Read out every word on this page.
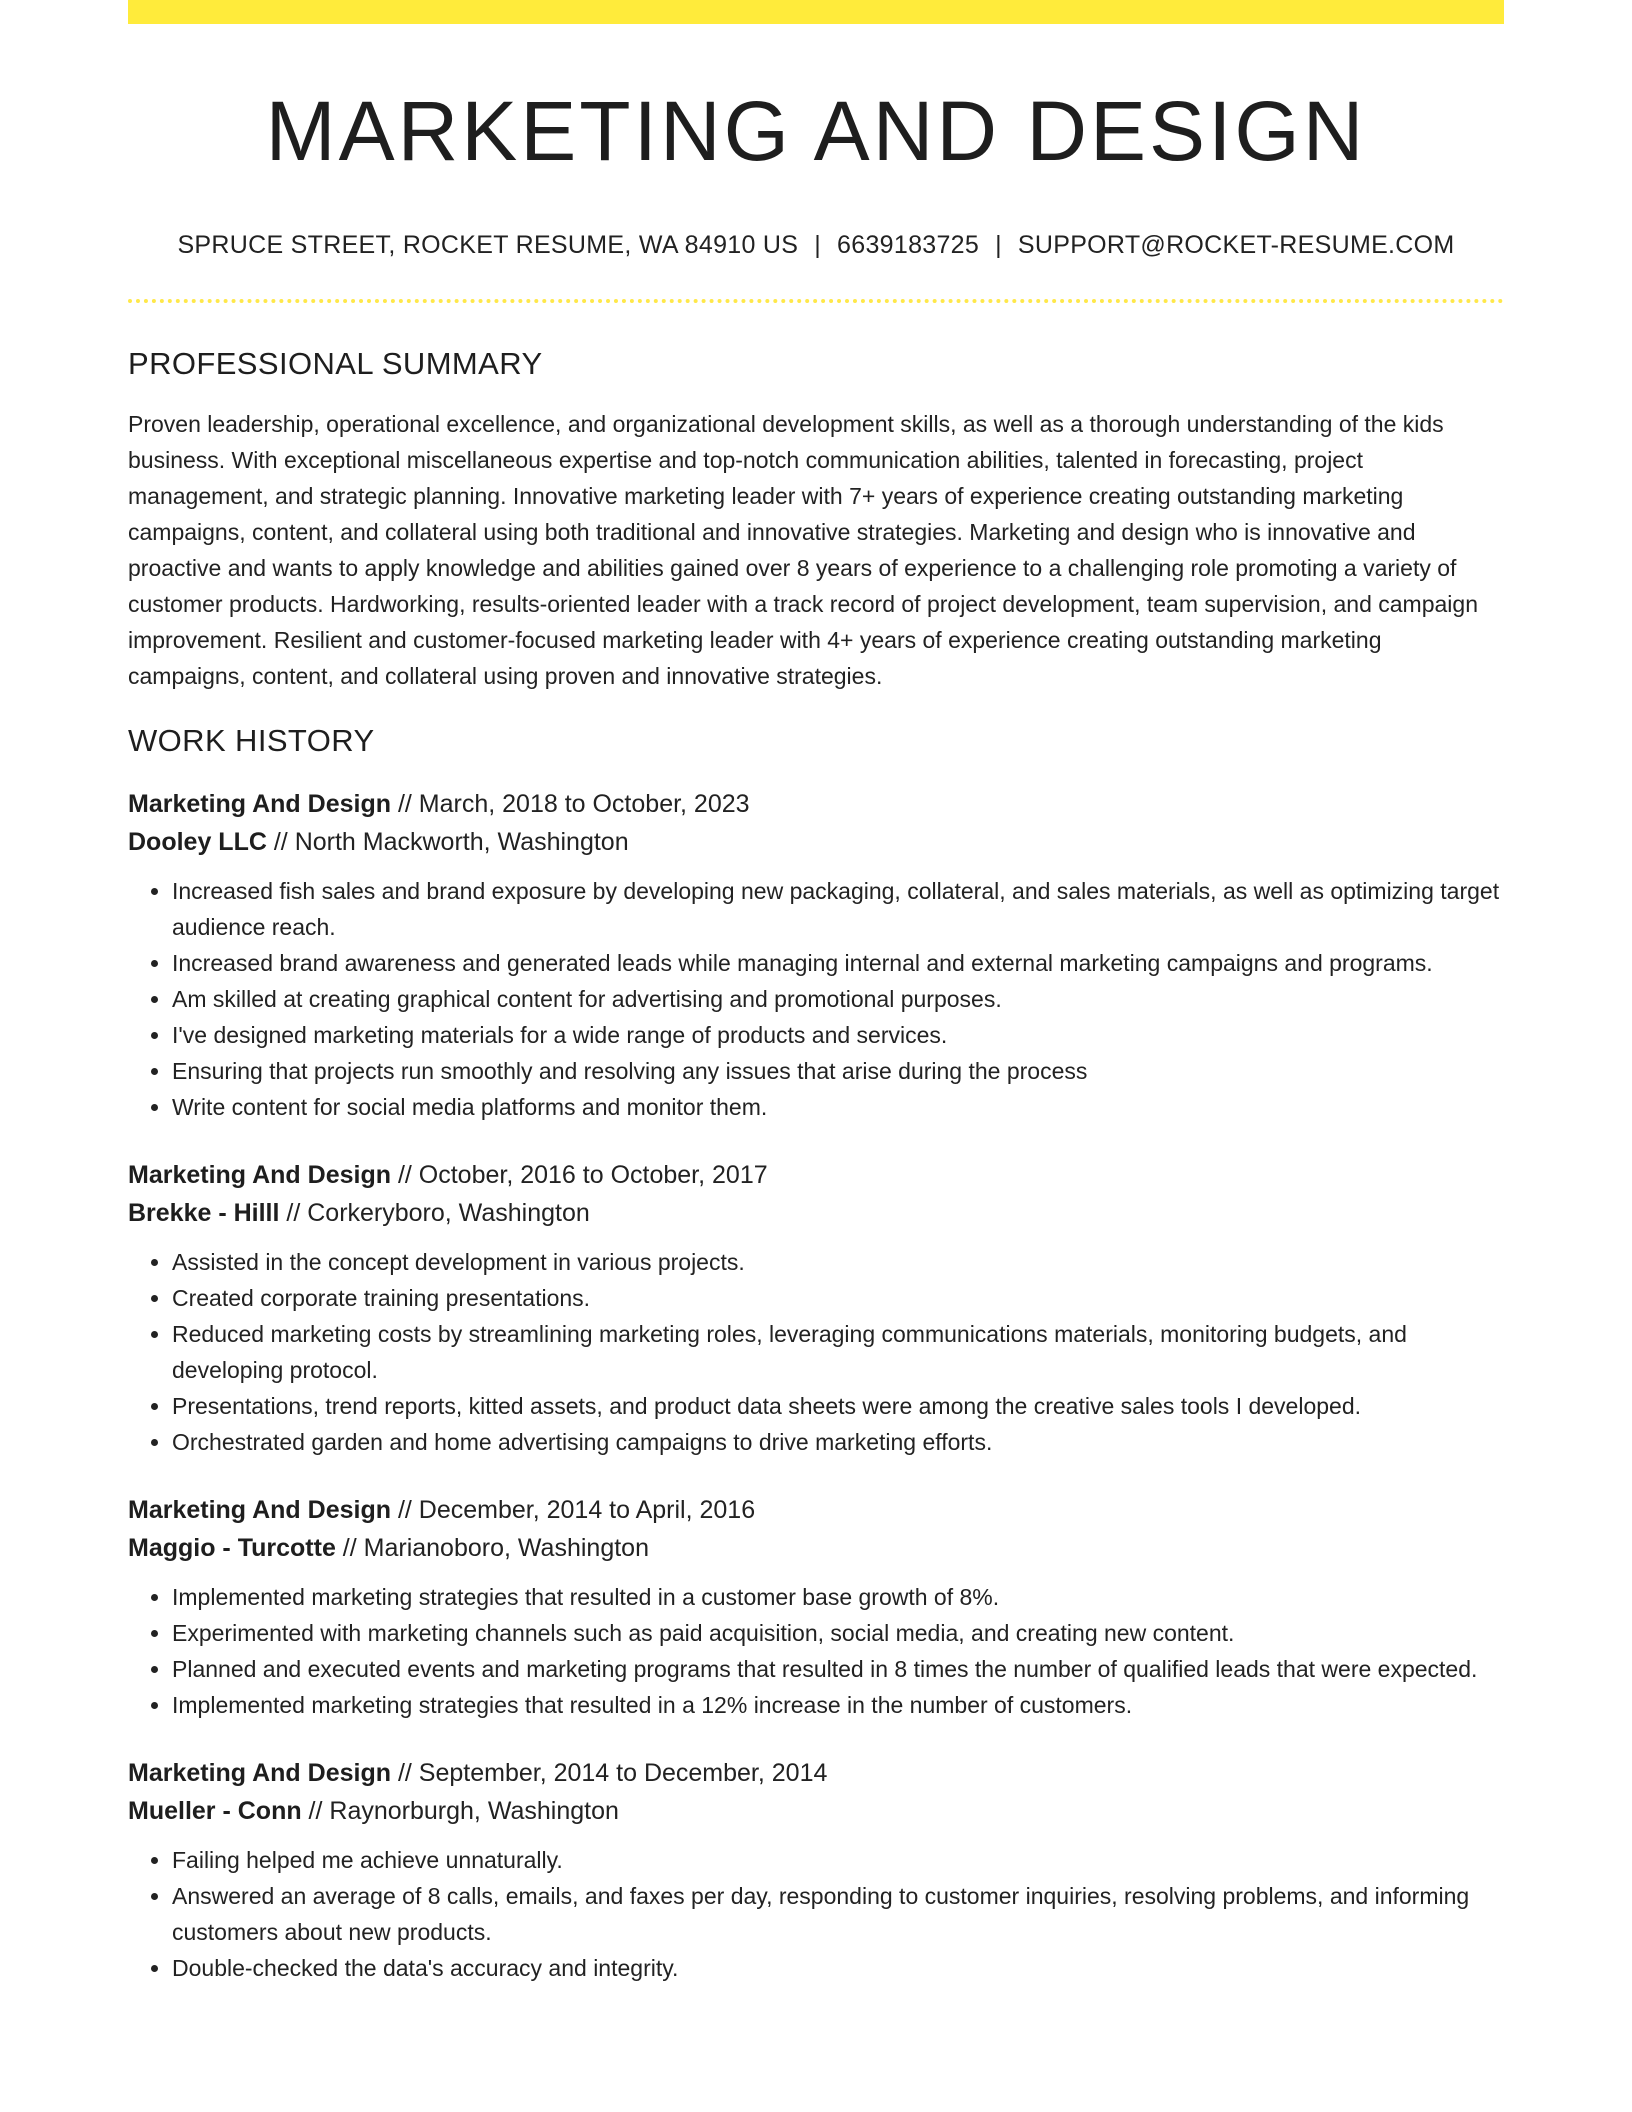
MARKETING AND DESIGN
SPRUCE STREET, ROCKET RESUME, WA 84910 US | 6639183725 | SUPPORT@ROCKET-RESUME.COM
PROFESSIONAL SUMMARY
Proven leadership, operational excellence, and organizational development skills, as well as a thorough understanding of the kids business. With exceptional miscellaneous expertise and top-notch communication abilities, talented in forecasting, project management, and strategic planning. Innovative marketing leader with 7+ years of experience creating outstanding marketing campaigns, content, and collateral using both traditional and innovative strategies. Marketing and design who is innovative and proactive and wants to apply knowledge and abilities gained over 8 years of experience to a challenging role promoting a variety of customer products. Hardworking, results-oriented leader with a track record of project development, team supervision, and campaign improvement. Resilient and customer-focused marketing leader with 4+ years of experience creating outstanding marketing campaigns, content, and collateral using proven and innovative strategies.
WORK HISTORY
Marketing And Design // March, 2018 to October, 2023
Dooley LLC // North Mackworth, Washington
• Increased fish sales and brand exposure by developing new packaging, collateral, and sales materials, as well as optimizing target audience reach.
• Increased brand awareness and generated leads while managing internal and external marketing campaigns and programs.
• Am skilled at creating graphical content for advertising and promotional purposes.
• I've designed marketing materials for a wide range of products and services.
• Ensuring that projects run smoothly and resolving any issues that arise during the process
• Write content for social media platforms and monitor them.
Marketing And Design // October, 2016 to October, 2017
Brekke - Hilll // Corkeryboro, Washington
• Assisted in the concept development in various projects.
• Created corporate training presentations.
• Reduced marketing costs by streamlining marketing roles, leveraging communications materials, monitoring budgets, and developing protocol.
• Presentations, trend reports, kitted assets, and product data sheets were among the creative sales tools I developed.
• Orchestrated garden and home advertising campaigns to drive marketing efforts.
Marketing And Design // December, 2014 to April, 2016
Maggio - Turcotte // Marianoboro, Washington
• Implemented marketing strategies that resulted in a customer base growth of 8%.
• Experimented with marketing channels such as paid acquisition, social media, and creating new content.
• Planned and executed events and marketing programs that resulted in 8 times the number of qualified leads that were expected.
• Implemented marketing strategies that resulted in a 12% increase in the number of customers.
Marketing And Design // September, 2014 to December, 2014
Mueller - Conn // Raynorburgh, Washington
• Failing helped me achieve unnaturally.
• Answered an average of 8 calls, emails, and faxes per day, responding to customer inquiries, resolving problems, and informing customers about new products.
• Double-checked the data's accuracy and integrity.
